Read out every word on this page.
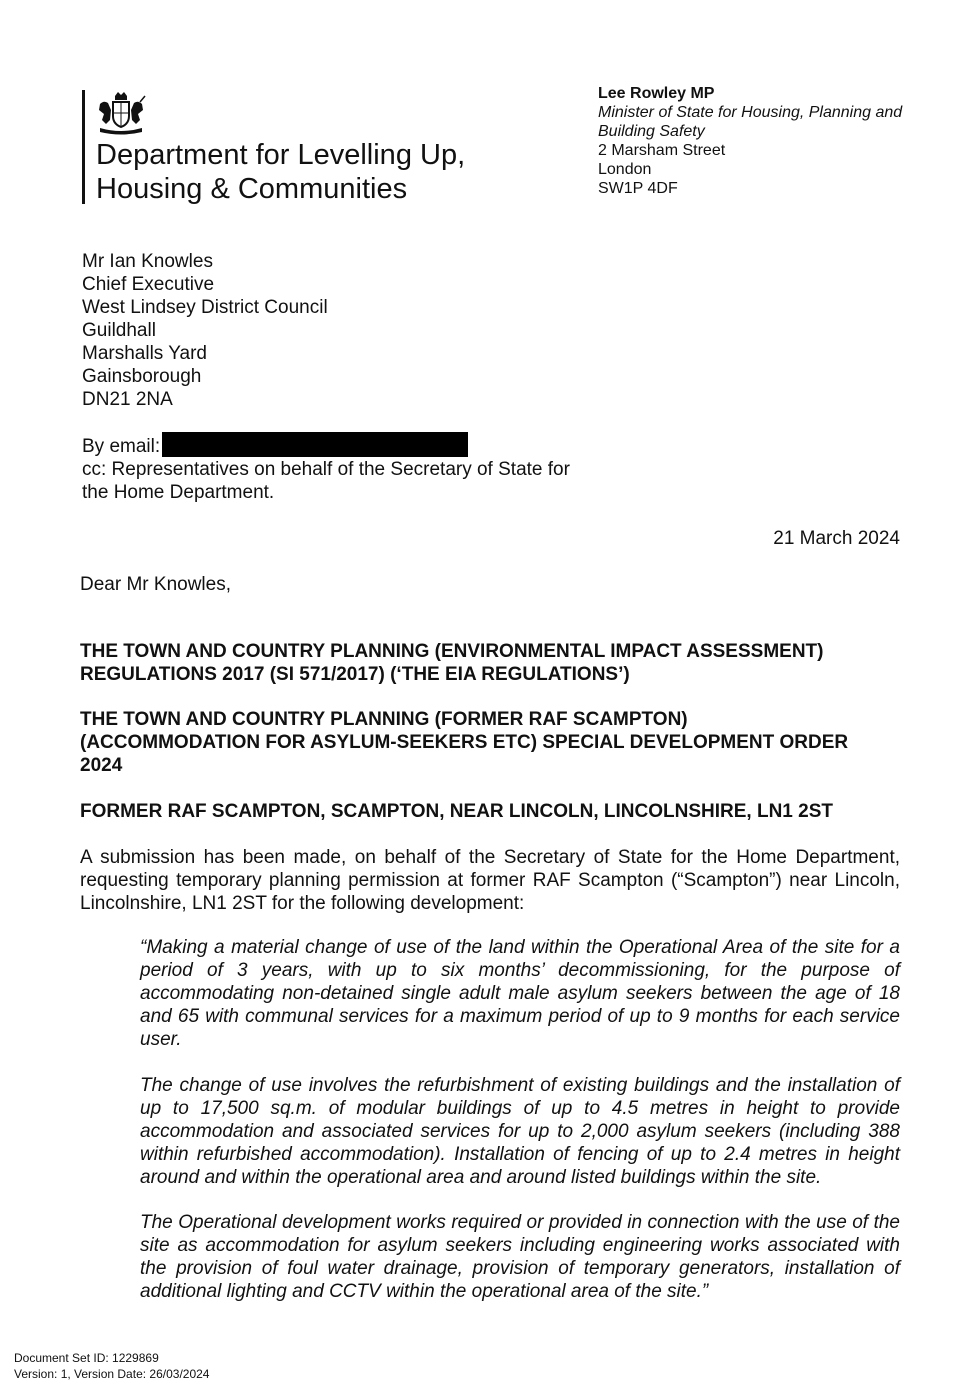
Department for Levelling Up,
Housing & Communities
Lee Rowley MP
Minister of State for Housing, Planning and
Building Safety
2 Marsham Street
London
SW1P 4DF
Mr Ian Knowles
Chief Executive
West Lindsey District Council
Guildhall
Marshalls Yard
Gainsborough
DN21 2NA
By email:
cc: Representatives on behalf of the Secretary of State for
the Home Department.
21 March 2024
Dear Mr Knowles,
THE TOWN AND COUNTRY PLANNING (ENVIRONMENTAL IMPACT ASSESSMENT)
REGULATIONS 2017 (SI 571/2017) (‘THE EIA REGULATIONS’)
THE TOWN AND COUNTRY PLANNING (FORMER RAF SCAMPTON)
(ACCOMMODATION FOR ASYLUM-SEEKERS ETC) SPECIAL DEVELOPMENT ORDER
2024
FORMER RAF SCAMPTON, SCAMPTON, NEAR LINCOLN, LINCOLNSHIRE, LN1 2ST
A submission has been made, on behalf of the Secretary of State for the Home Department, requesting temporary planning permission at former RAF Scampton (“Scampton”) near Lincoln, Lincolnshire, LN1 2ST for the following development:
“Making a material change of use of the land within the Operational Area of the site for a period of 3 years, with up to six months’ decommissioning, for the purpose of accommodating non-detained single adult male asylum seekers between the age of 18 and 65 with communal services for a maximum period of up to 9 months for each service user.
The change of use involves the refurbishment of existing buildings and the installation of up to 17,500 sq.m. of modular buildings of up to 4.5 metres in height to provide accommodation and associated services for up to 2,000 asylum seekers (including 388 within refurbished accommodation). Installation of fencing of up to 2.4 metres in height around and within the operational area and around listed buildings within the site.
The Operational development works required or provided in connection with the use of the site as accommodation for asylum seekers including engineering works associated with the provision of foul water drainage, provision of temporary generators, installation of additional lighting and CCTV within the operational area of the site.”
Document Set ID: 1229869
Version: 1, Version Date: 26/03/2024
